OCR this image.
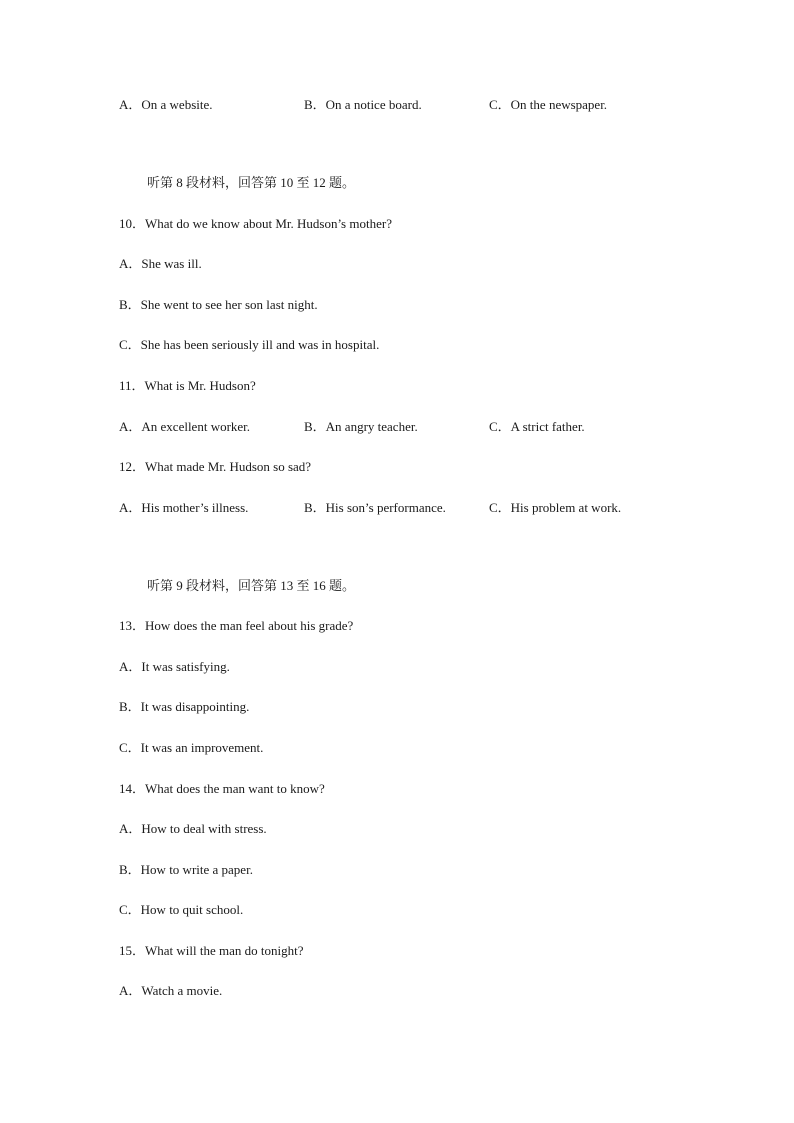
A．On a website.	B．On a notice board.	C．On the newspaper.
听第 8 段材料，回答第 10 至 12 题。
10．What do we know about Mr. Hudson’s mother?
A．She was ill.
B．She went to see her son last night.
C．She has been seriously ill and was in hospital.
11．What is Mr. Hudson?
A．An excellent worker.	B．An angry teacher.	C．A strict father.
12．What made Mr. Hudson so sad?
A．His mother’s illness.	B．His son’s performance.	C．His problem at work.
听第 9 段材料，回答第 13 至 16 题。
13．How does the man feel about his grade?
A．It was satisfying.
B．It was disappointing.
C．It was an improvement.
14．What does the man want to know?
A．How to deal with stress.
B．How to write a paper.
C．How to quit school.
15．What will the man do tonight?
A．Watch a movie.
